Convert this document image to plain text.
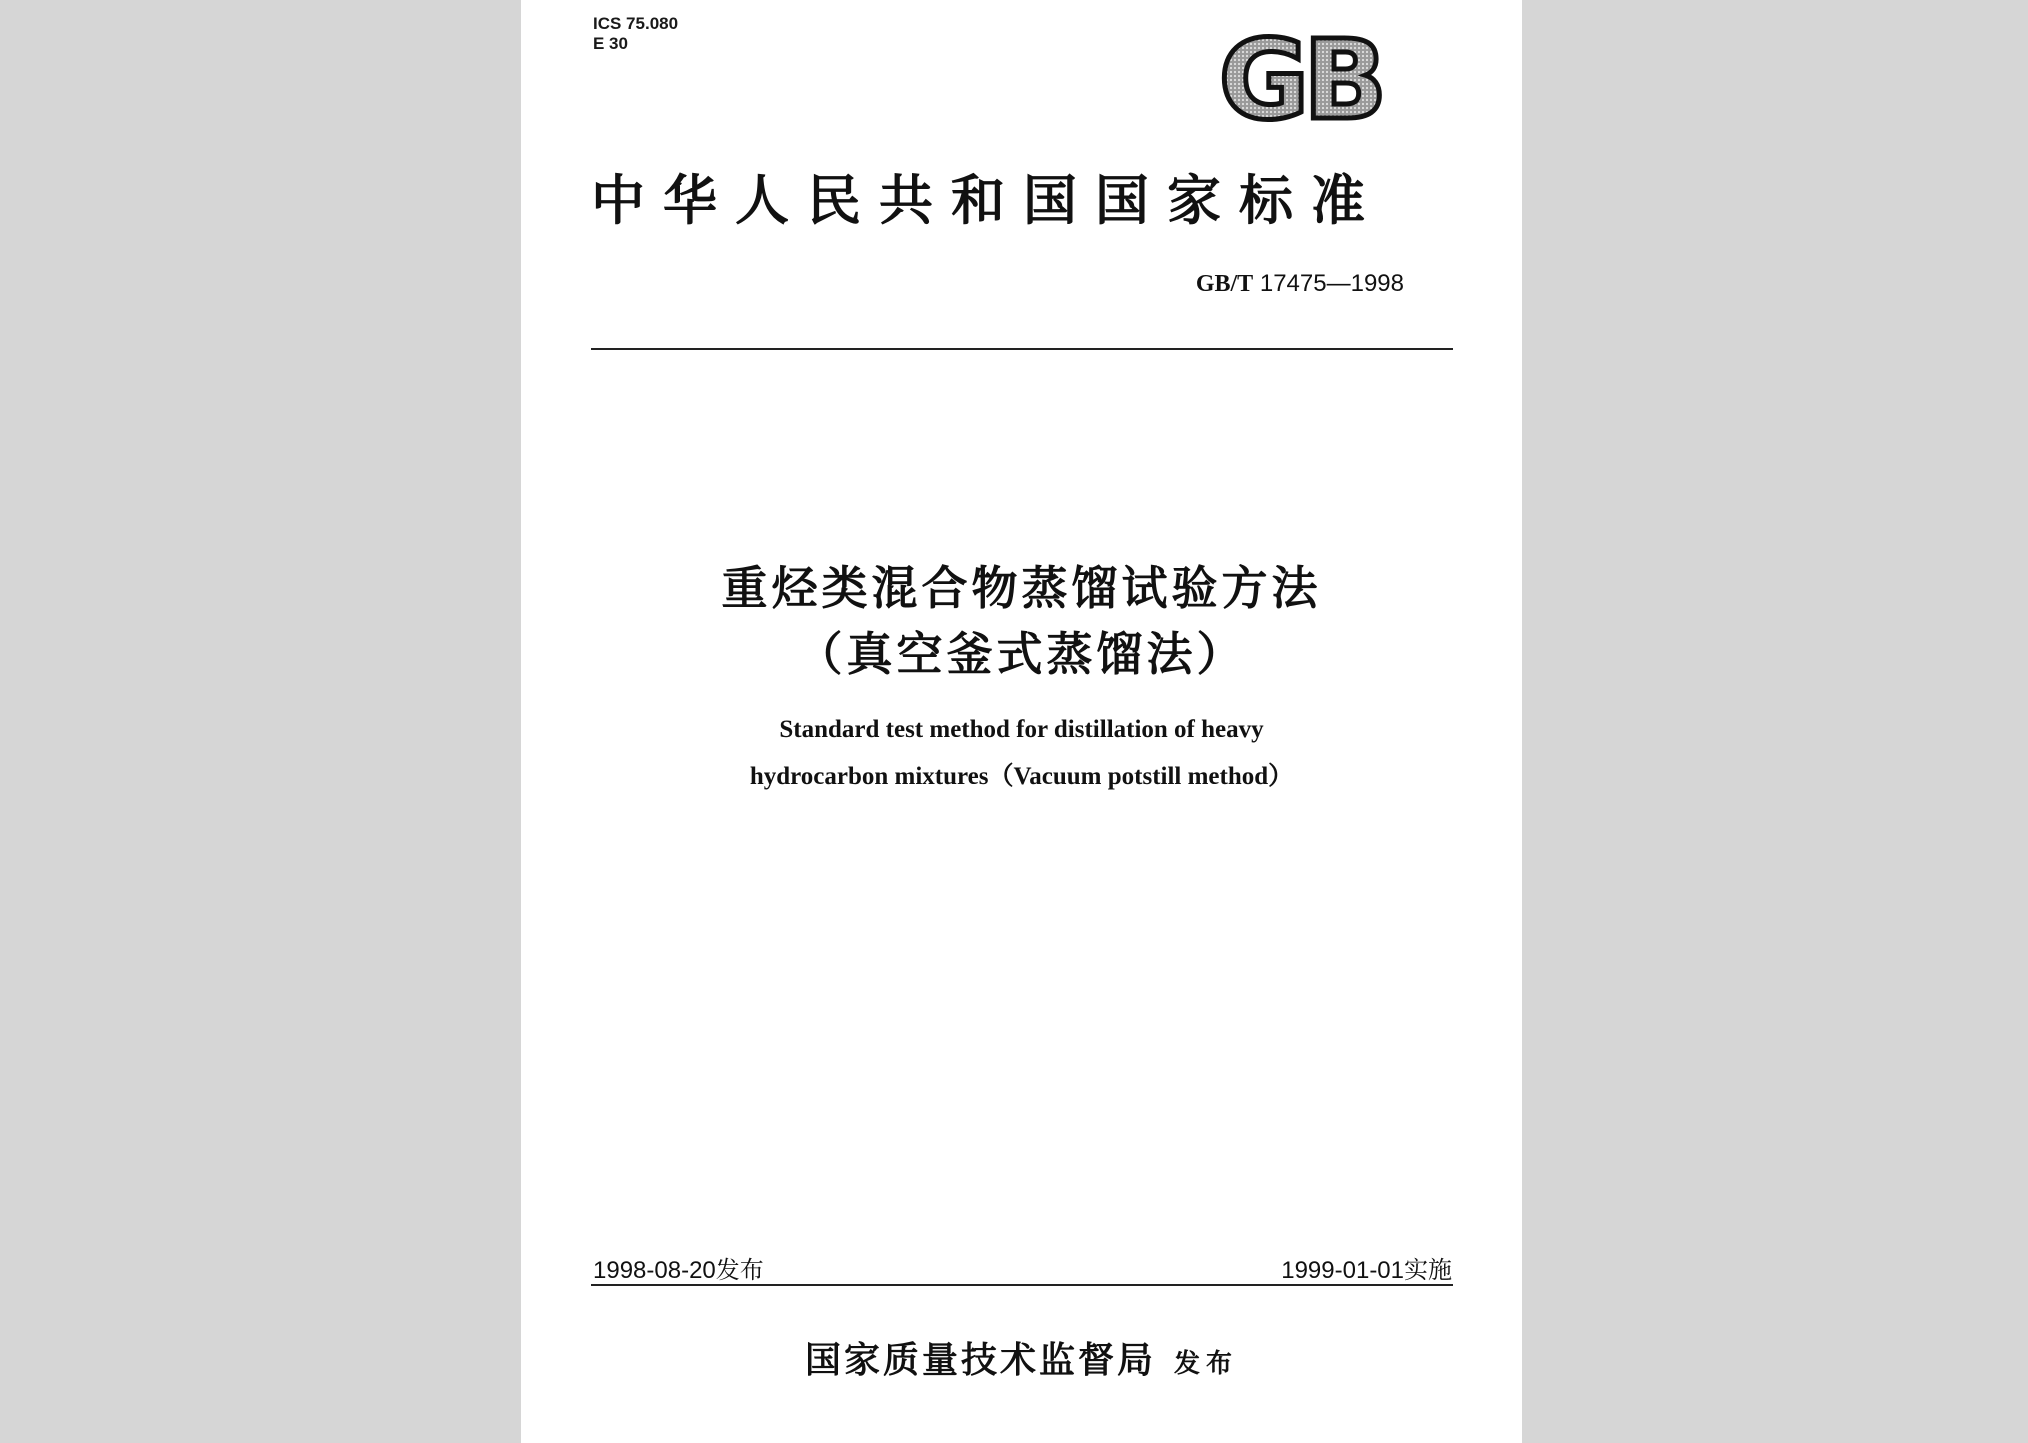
ICS 75.080
E 30	GB
中华人民共和国国家标准
GB/T 17475—1998
重烃类混合物蒸馏试验方法
（真空釜式蒸馏法）
Standard test method for distillation of heavy
hydrocarbon mixtures（Vacuum potstill method）
1998-08-20发布	1999-01-01实施
国家质量技术监督局 发布
